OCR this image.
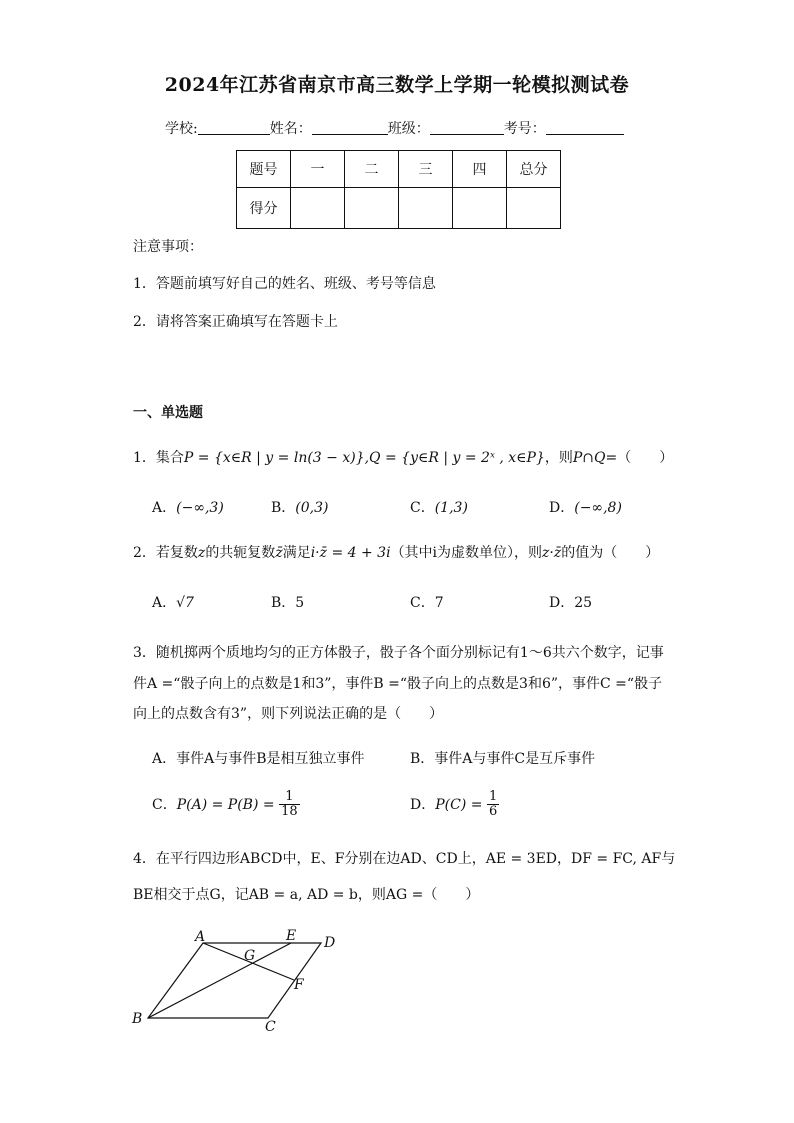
2024年江苏省南京市高三数学上学期一轮模拟测试卷
学校:	姓名：	班级：	考号：
题号	一	二	三	四	总分
得分					
注意事项：
1．答题前填写好自己的姓名、班级、考号等信息
2．请将答案正确填写在答题卡上
一、单选题
1．集合P = {x∈R | y = ln(3 − x)},Q = {y∈R | y = 2ˣ , x∈P}，则P∩Q=（　　）
A．(−∞,3)	B．(0,3)	C．(1,3)	D．(−∞,8)
2．若复数z的共轭复数z̄满足i·z̄ = 4 + 3i（其中i为虚数单位），则z·z̄的值为（　　）
A．√7	B．5	C．7	D．25
3．随机掷两个质地均匀的正方体骰子，骰子各个面分别标记有1～6共六个数字，记事
件A =“骰子向上的点数是1和3”，事件B =“骰子向上的点数是3和6”，事件C =“骰子
向上的点数含有3”，则下列说法正确的是（　　）
A．事件A与事件B是相互独立事件	B．事件A与事件C是互斥事件
C．$P(A) = P(B) = \frac{1}{18}$	D．$P(C) = \frac{1}{6}$
4．在平行四边形ABCD中，E、F分别在边AD、CD上，AE = 3ED，DF = FC, AF与
BE相交于点G，记AB = a, AD = b，则AG =（　　）
A	E D
G
F
B	C
